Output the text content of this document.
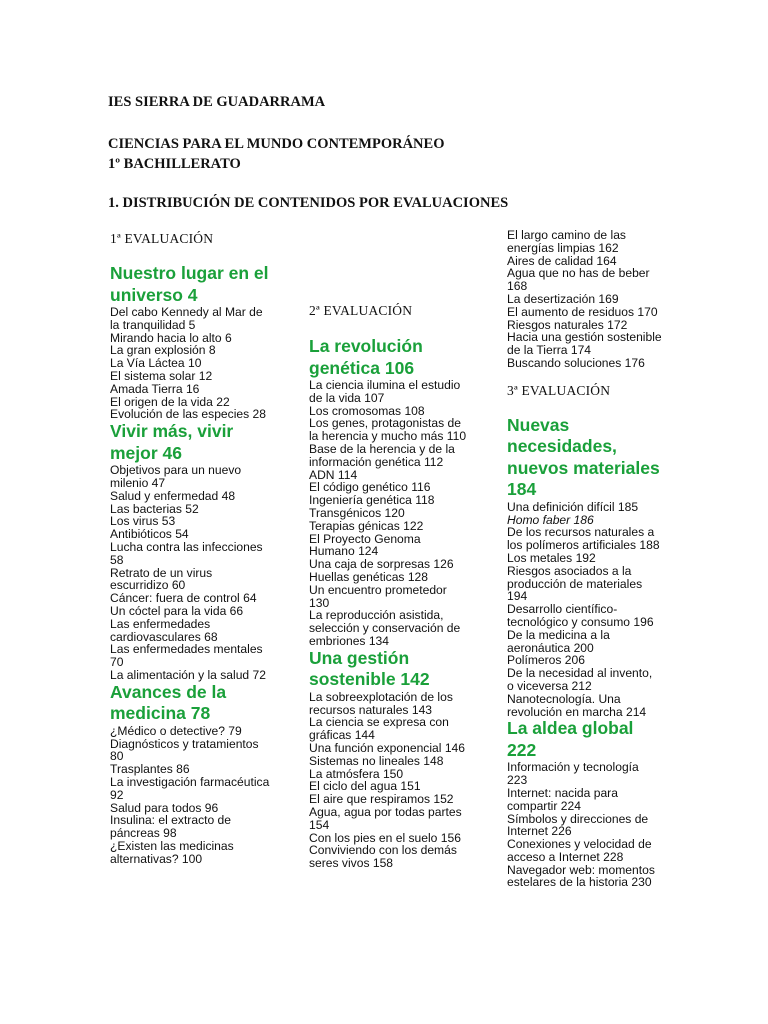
IES SIERRA DE GUADARRAMA
CIENCIAS PARA EL MUNDO CONTEMPORÁNEO
1º BACHILLERATO
1. DISTRIBUCIÓN DE CONTENIDOS POR EVALUACIONES
1ª EVALUACIÓN
Nuestro lugar en el universo 4
Del cabo Kennedy al Mar de la tranquilidad 5
Mirando hacia lo alto 6
La gran explosión 8
La Vía Láctea 10
El sistema solar 12
Amada Tierra 16
El origen de la vida 22
Evolución de las especies 28
Vivir más, vivir mejor 46
Objetivos para un nuevo milenio 47
Salud y enfermedad 48
Las bacterias 52
Los virus 53
Antibióticos 54
Lucha contra las infecciones 58
Retrato de un virus escurridizo 60
Cáncer: fuera de control 64
Un cóctel para la vida 66
Las enfermedades cardiovasculares 68
Las enfermedades mentales 70
La alimentación y la salud 72
Avances de la medicina 78
¿Médico o detective? 79
Diagnósticos y tratamientos 80
Trasplantes 86
La investigación farmacéutica 92
Salud para todos 96
Insulina: el extracto de páncreas 98
¿Existen las medicinas alternativas? 100
2ª EVALUACIÓN
La revolución genética 106
La ciencia ilumina el estudio de la vida 107
Los cromosomas 108
Los genes, protagonistas de la herencia y mucho más 110
Base de la herencia y de la información genética 112
ADN 114
El código genético 116
Ingeniería genética 118
Transgénicos 120
Terapias génicas 122
El Proyecto Genoma Humano 124
Una caja de sorpresas 126
Huellas genéticas 128
Un encuentro prometedor 130
La reproducción asistida, selección y conservación de embriones 134
Una gestión sostenible 142
La sobreexplotación de los recursos naturales 143
La ciencia se expresa con gráficas 144
Una función exponencial 146
Sistemas no lineales 148
La atmósfera 150
El ciclo del agua 151
El aire que respiramos 152
Agua, agua por todas partes 154
Con los pies en el suelo 156
Conviviendo con los demás seres vivos 158
El largo camino de las energías limpias 162
Aires de calidad 164
Agua que no has de beber 168
La desertización 169
El aumento de residuos 170
Riesgos naturales 172
Hacia una gestión sostenible de la Tierra 174
Buscando soluciones 176
3ª EVALUACIÓN
Nuevas necesidades, nuevos materiales 184
Una definición difícil 185
Homo faber 186
De los recursos naturales a los polímeros artificiales 188
Los metales 192
Riesgos asociados a la producción de materiales 194
Desarrollo científico-tecnológico y consumo 196
De la medicina a la aeronáutica 200
Polímeros 206
De la necesidad al invento, o viceversa 212
Nanotecnología. Una revolución en marcha 214
La aldea global 222
Información y tecnología 223
Internet: nacida para compartir 224
Símbolos y direcciones de Internet 226
Conexiones y velocidad de acceso a Internet 228
Navegador web: momentos estelares de la historia 230
